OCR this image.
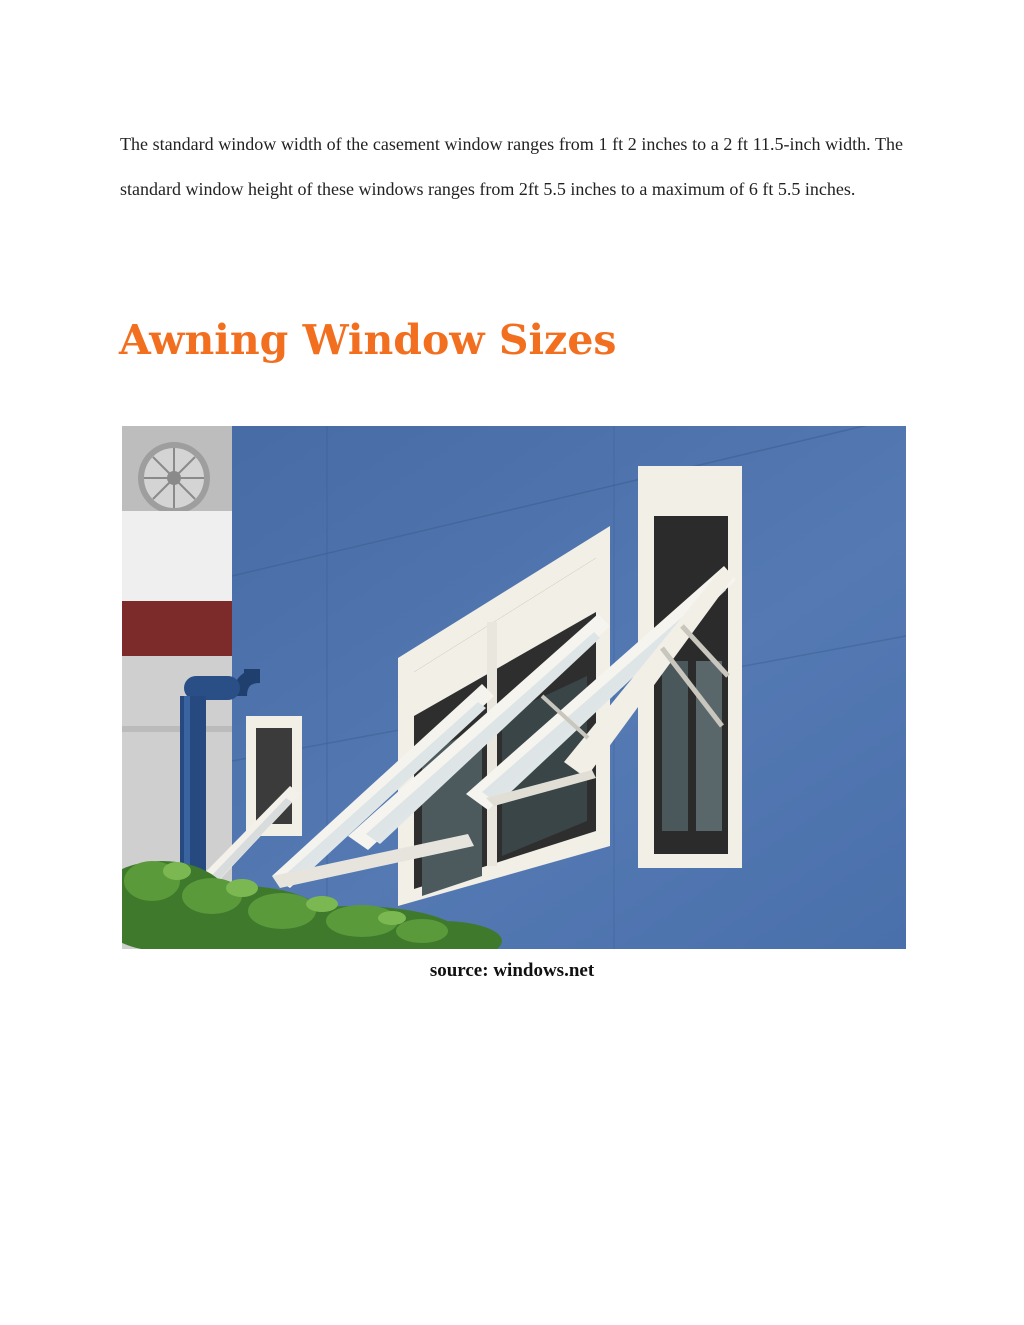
The standard window width of the casement window ranges from 1 ft 2 inches to a 2 ft 11.5-inch width. The standard window height of these windows ranges from 2ft 5.5 inches to a maximum of 6 ft 5.5 inches.

Awning Window Sizes

source: windows.net
